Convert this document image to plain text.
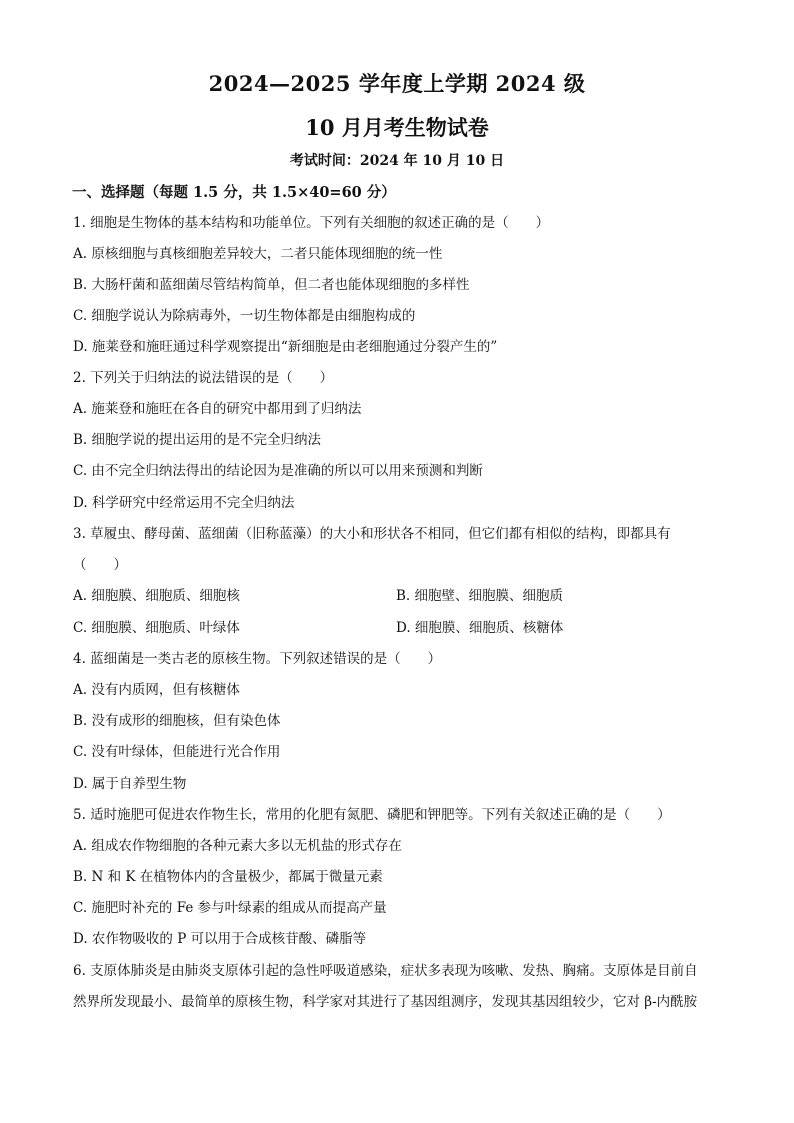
2024—2025 学年度上学期 2024 级
10 月月考生物试卷
考试时间：2024 年 10 月 10 日
一、选择题（每题 1.5 分，共 1.5×40=60 分）
1. 细胞是生物体的基本结构和功能单位。下列有关细胞的叙述正确的是（　　）
A. 原核细胞与真核细胞差异较大，二者只能体现细胞的统一性
B. 大肠杆菌和蓝细菌尽管结构简单，但二者也能体现细胞的多样性
C. 细胞学说认为除病毒外，一切生物体都是由细胞构成的
D. 施莱登和施旺通过科学观察提出“新细胞是由老细胞通过分裂产生的”
2. 下列关于归纳法的说法错误的是（　　）
A. 施莱登和施旺在各自的研究中都用到了归纳法
B. 细胞学说的提出运用的是不完全归纳法
C. 由不完全归纳法得出的结论因为是准确的所以可以用来预测和判断
D. 科学研究中经常运用不完全归纳法
3. 草履虫、酵母菌、蓝细菌（旧称蓝藻）的大小和形状各不相同，但它们都有相似的结构，即都具有
（　　）
A. 细胞膜、细胞质、细胞核	B. 细胞壁、细胞膜、细胞质
C. 细胞膜、细胞质、叶绿体	D. 细胞膜、细胞质、核糖体
4. 蓝细菌是一类古老的原核生物。下列叙述错误的是（　　）
A. 没有内质网，但有核糖体
B. 没有成形的细胞核，但有染色体
C. 没有叶绿体，但能进行光合作用
D. 属于自养型生物
5. 适时施肥可促进农作物生长，常用的化肥有氮肥、磷肥和钾肥等。下列有关叙述正确的是（　　）
A. 组成农作物细胞的各种元素大多以无机盐的形式存在
B. N 和 K 在植物体内的含量极少，都属于微量元素
C. 施肥时补充的 Fe 参与叶绿素的组成从而提高产量
D. 农作物吸收的 P 可以用于合成核苷酸、磷脂等
6. 支原体肺炎是由肺炎支原体引起的急性呼吸道感染，症状多表现为咳嗽、发热、胸痛。支原体是目前自
然界所发现最小、最简单的原核生物，科学家对其进行了基因组测序，发现其基因组较少，它对 β-内酰胺
